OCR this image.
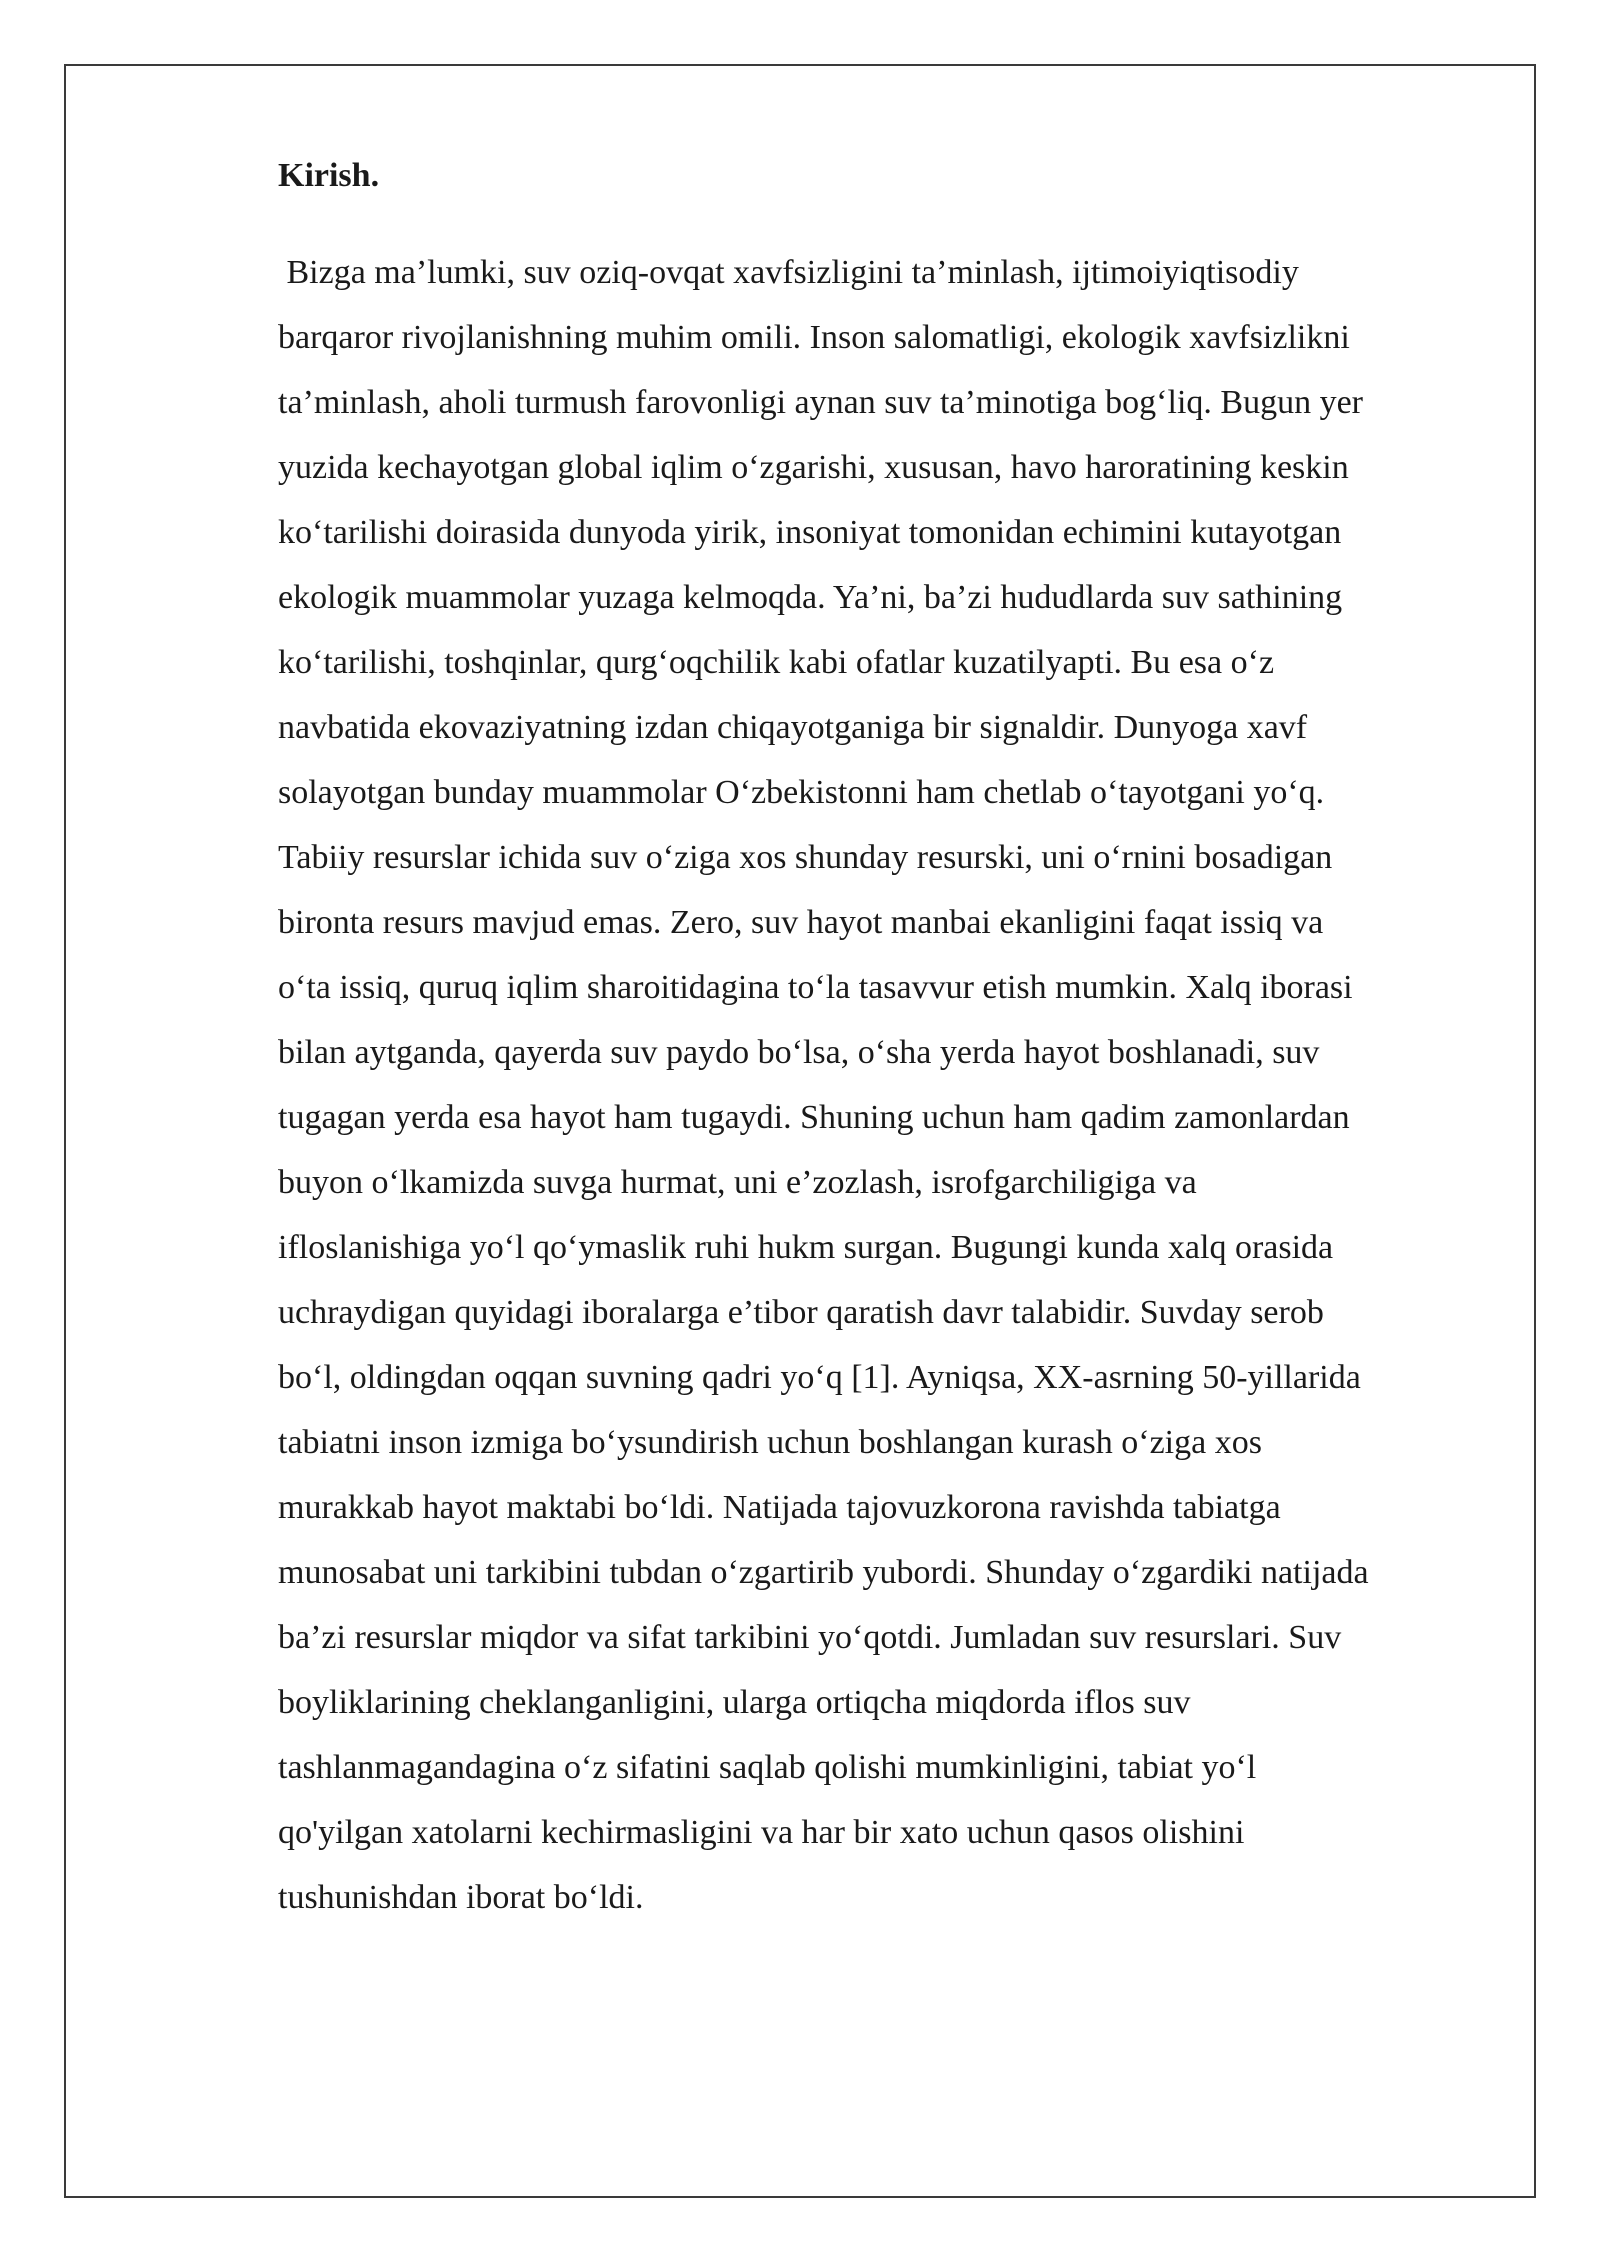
Kirish.
Bizga ma’lumki, suv oziq-ovqat xavfsizligini ta’minlash, ijtimoiyiqtisodiy
barqaror rivojlanishning muhim omili. Inson salomatligi, ekologik xavfsizlikni
ta’minlash, aholi turmush farovonligi aynan suv ta’minotiga bog‘liq. Bugun yer
yuzida kechayotgan global iqlim o‘zgarishi, xususan, havo haroratining keskin
ko‘tarilishi doirasida dunyoda yirik, insoniyat tomonidan echimini kutayotgan
ekologik muammolar yuzaga kelmoqda. Ya’ni, ba’zi hududlarda suv sathining
ko‘tarilishi, toshqinlar, qurg‘oqchilik kabi ofatlar kuzatilyapti. Bu esa o‘z
navbatida ekovaziyatning izdan chiqayotganiga bir signaldir. Dunyoga xavf
solayotgan bunday muammolar O‘zbekistonni ham chetlab o‘tayotgani yo‘q.
Tabiiy resurslar ichida suv o‘ziga xos shunday resurski, uni o‘rnini bosadigan
bironta resurs mavjud emas. Zero, suv hayot manbai ekanligini faqat issiq va
o‘ta issiq, quruq iqlim sharoitidagina to‘la tasavvur etish mumkin. Xalq iborasi
bilan aytganda, qayerda suv paydo bo‘lsa, o‘sha yerda hayot boshlanadi, suv
tugagan yerda esa hayot ham tugaydi. Shuning uchun ham qadim zamonlardan
buyon o‘lkamizda suvga hurmat, uni e’zozlash, isrofgarchiligiga va
ifloslanishiga yo‘l qo‘ymaslik ruhi hukm surgan. Bugungi kunda xalq orasida
uchraydigan quyidagi iboralarga e’tibor qaratish davr talabidir. Suvday serob
bo‘l, oldingdan oqqan suvning qadri yo‘q [1]. Ayniqsa, XX-asrning 50-yillarida
tabiatni inson izmiga bo‘ysundirish uchun boshlangan kurash o‘ziga xos
murakkab hayot maktabi bo‘ldi. Natijada tajovuzkorona ravishda tabiatga
munosabat uni tarkibini tubdan o‘zgartirib yubordi. Shunday o‘zgardiki natijada
ba’zi resurslar miqdor va sifat tarkibini yo‘qotdi. Jumladan suv resurslari. Suv
boyliklarining cheklanganligini, ularga ortiqcha miqdorda iflos suv
tashlanmagandagina o‘z sifatini saqlab qolishi mumkinligini, tabiat yo‘l
qo'yilgan xatolarni kechirmasligini va har bir xato uchun qasos olishini
tushunishdan iborat bo‘ldi.
